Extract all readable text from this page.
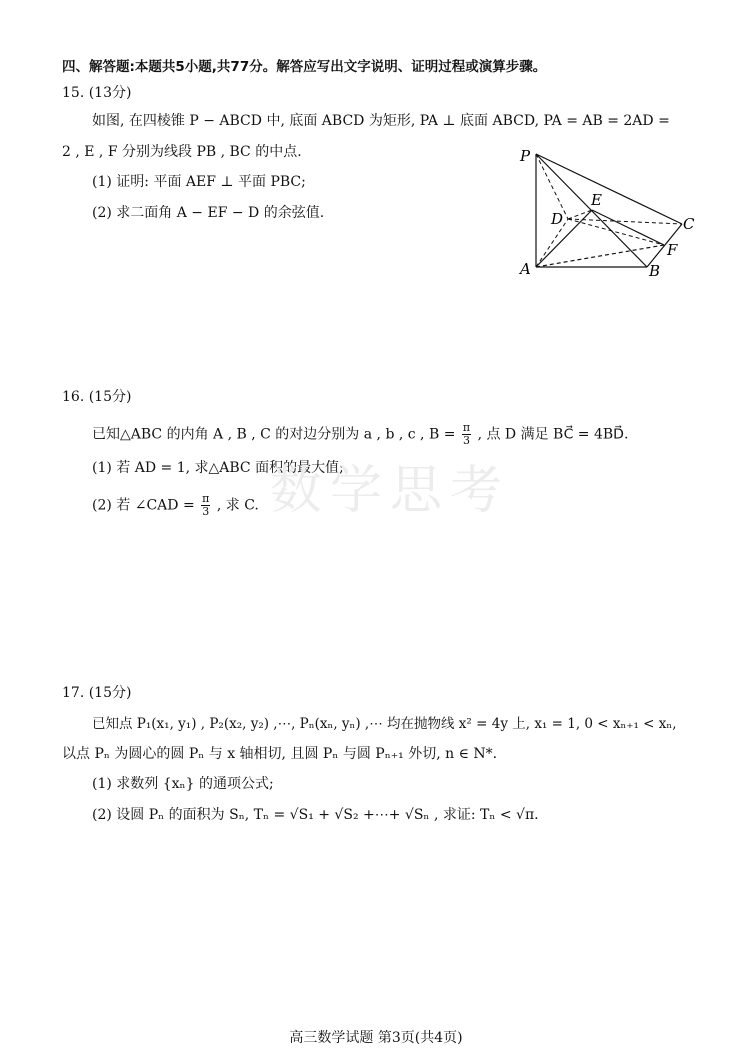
四、解答题:本题共5小题,共77分。解答应写出文字说明、证明过程或演算步骤。
15. (13分)
如图, 在四棱锥 P − ABCD 中, 底面 ABCD 为矩形, PA ⊥ 底面 ABCD, PA = AB = 2AD =
2 , E , F 分别为线段 PB , BC 的中点.
(1) 证明: 平面 AEF ⊥ 平面 PBC;
(2) 求二面角 A − EF − D 的余弦值.
P
E
D	C
F
A	B
16. (15分)
已知△ABC 的内角 A , B , C 的对边分别为 a , b , c , $B = \frac{\pi}{3}$ , 点 D 满足 BC⃗ = 4BD⃗.
(1) 若 AD = 1, 求△ABC 面积的最大值;
(2) 若 ∠CAD = $\frac{\pi}{3}$ , 求 C. 数学思考
17. (15分)
已知点 P₁(x₁, y₁) , P₂(x₂, y₂) ,⋯, Pₙ(xₙ, yₙ) ,⋯ 均在抛物线 x² = 4y 上, x₁ = 1, 0 < xₙ₊₁ < xₙ,
以点 Pₙ 为圆心的圆 Pₙ 与 x 轴相切, 且圆 Pₙ 与圆 Pₙ₊₁ 外切, n ∈ N*.
(1) 求数列 {xₙ} 的通项公式;
(2) 设圆 Pₙ 的面积为 Sₙ, Tₙ = √S₁ + √S₂ +⋯+ √Sₙ , 求证: Tₙ < √π.
高三数学试题 第3页(共4页)
